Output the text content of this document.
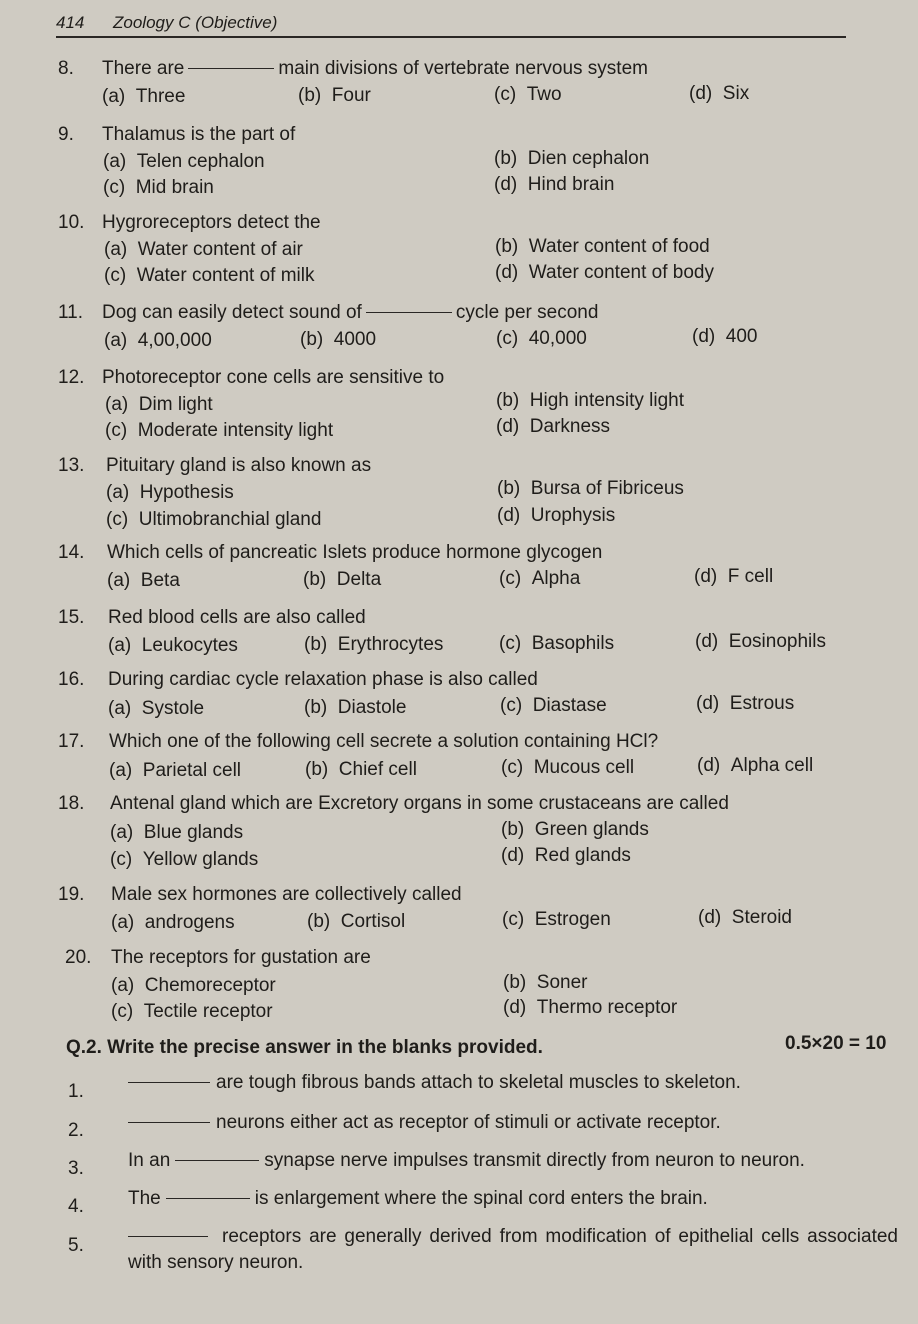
414 Zoology C (Objective)
8. There are	main divisions of vertebrate nervous system
(a) Three	(b) Four	(c) Two	(d) Six
9. Thalamus is the part of
(a) Telen cephalon	(b) Dien cephalon
(c) Mid brain	(d) Hind brain
10. Hygroreceptors detect the
(a) Water content of air	(b) Water content of food
(c) Water content of milk	(d) Water content of body
11. Dog can easily detect sound of	cycle per second
(a) 4,00,000	(b) 4000	(c) 40,000	(d) 400
12. Photoreceptor cone cells are sensitive to
(a) Dim light	(b) High intensity light
(c) Moderate intensity light	(d) Darkness
13. Pituitary gland is also known as
(a) Hypothesis	(b) Bursa of Fibriceus
(c) Ultimobranchial gland	(d) Urophysis
14. Which cells of pancreatic Islets produce hormone glycogen
(a) Beta	(b) Delta	(c) Alpha	(d) F cell
15. Red blood cells are also called
(a) Leukocytes	(b) Erythrocytes	(c) Basophils	(d) Eosinophils
16. During cardiac cycle relaxation phase is also called
(a) Systole	(b) Diastole	(c) Diastase	(d) Estrous
17. Which one of the following cell secrete a solution containing HCl?
(a) Parietal cell	(b) Chief cell	(c) Mucous cell	(d) Alpha cell
18. Antenal gland which are Excretory organs in some crustaceans are called
(a) Blue glands	(b) Green glands
(c) Yellow glands	(d) Red glands
19. Male sex hormones are collectively called
(a) androgens	(b) Cortisol	(c) Estrogen	(d) Steroid
20. The receptors for gustation are
(a) Chemoreceptor	(b) Soner
(c) Tectile receptor	(d) Thermo receptor
Q.2. Write the precise answer in the blanks provided.	0.5×20 = 10
1.	are tough fibrous bands attach to skeletal muscles to skeleton.
2.	neurons either act as receptor of stimuli or activate receptor.
3. In an	synapse nerve impulses transmit directly from neuron to neuron.
4. The	is enlargement where the spinal cord enters the brain.
5.	receptors are generally derived from modification of epithelial cells associated with sensory neuron.
